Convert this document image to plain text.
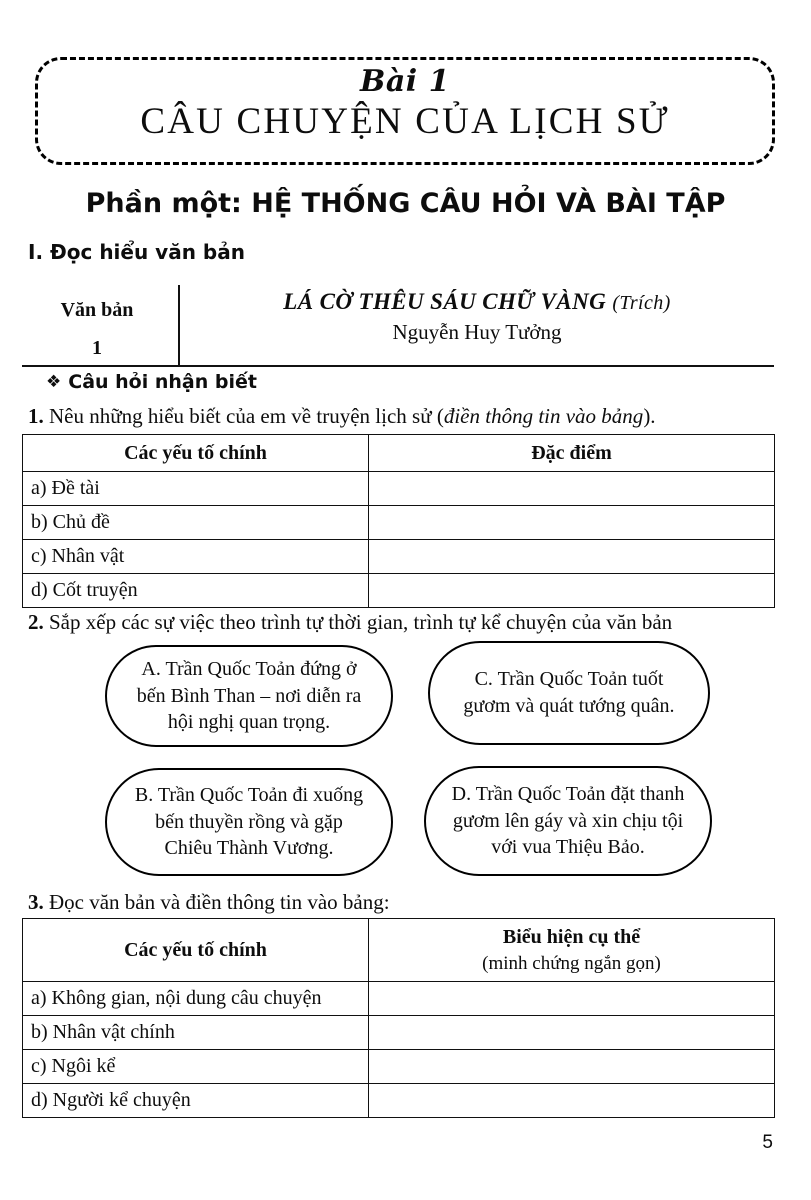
Bài 1
CÂU CHUYỆN CỦA LỊCH SỬ
Phần một: HỆ THỐNG CÂU HỎI VÀ BÀI TẬP
I. Đọc hiểu văn bản
Văn bản
1
LÁ CỜ THÊU SÁU CHỮ VÀNG (Trích)
Nguyễn Huy Tưởng
❖ Câu hỏi nhận biết
1. Nêu những hiểu biết của em về truyện lịch sử (điền thông tin vào bảng).
Các yếu tố chính	Đặc điểm
a) Đề tài	
b) Chủ đề	
c) Nhân vật	
d) Cốt truyện	
2. Sắp xếp các sự việc theo trình tự thời gian, trình tự kể chuyện của văn bản
A. Trần Quốc Toản đứng ở bến Bình Than – nơi diễn ra hội nghị quan trọng.
C. Trần Quốc Toản tuốt gươm và quát tướng quân.
B. Trần Quốc Toản đi xuống bến thuyền rồng và gặp Chiêu Thành Vương.
D. Trần Quốc Toản đặt thanh gươm lên gáy và xin chịu tội với vua Thiệu Bảo.
3. Đọc văn bản và điền thông tin vào bảng:
Các yếu tố chính	Biểu hiện cụ thể
(minh chứng ngắn gọn)

a) Không gian, nội dung câu chuyện	
b) Nhân vật chính	
c) Ngôi kể	
d) Người kể chuyện	
5
